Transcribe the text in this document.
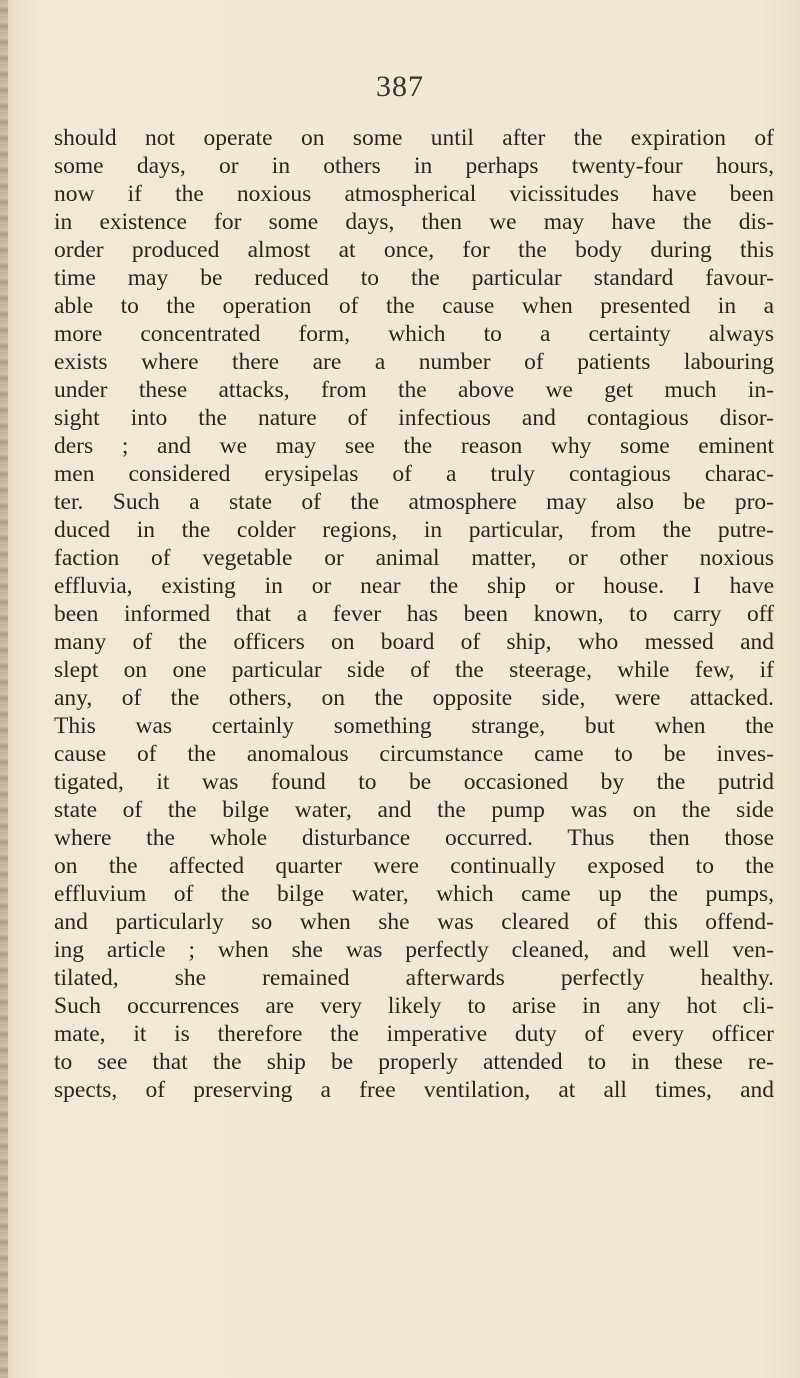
387
should not operate on some until after the expiration of
some days, or in others in perhaps twenty-four hours,
now if the noxious atmospherical vicissitudes have been
in existence for some days, then we may have the dis-
order produced almost at once, for the body during this
time may be reduced to the particular standard favour-
able to the operation of the cause when presented in a
more concentrated form, which to a certainty always
exists where there are a number of patients labouring
under these attacks, from the above we get much in-
sight into the nature of infectious and contagious disor-
ders ; and we may see the reason why some eminent
men considered erysipelas of a truly contagious charac-
ter. Such a state of the atmosphere may also be pro-
duced in the colder regions, in particular, from the putre-
faction of vegetable or animal matter, or other noxious
effluvia, existing in or near the ship or house. I have
been informed that a fever has been known, to carry off
many of the officers on board of ship, who messed and
slept on one particular side of the steerage, while few, if
any, of the others, on the opposite side, were attacked.
This was certainly something strange, but when the
cause of the anomalous circumstance came to be inves-
tigated, it was found to be occasioned by the putrid
state of the bilge water, and the pump was on the side
where the whole disturbance occurred. Thus then those
on the affected quarter were continually exposed to the
effluvium of the bilge water, which came up the pumps,
and particularly so when she was cleared of this offend-
ing article ; when she was perfectly cleaned, and well ven-
tilated, she remained afterwards perfectly healthy.
Such occurrences are very likely to arise in any hot cli-
mate, it is therefore the imperative duty of every officer
to see that the ship be properly attended to in these re-
spects, of preserving a free ventilation, at all times, and
